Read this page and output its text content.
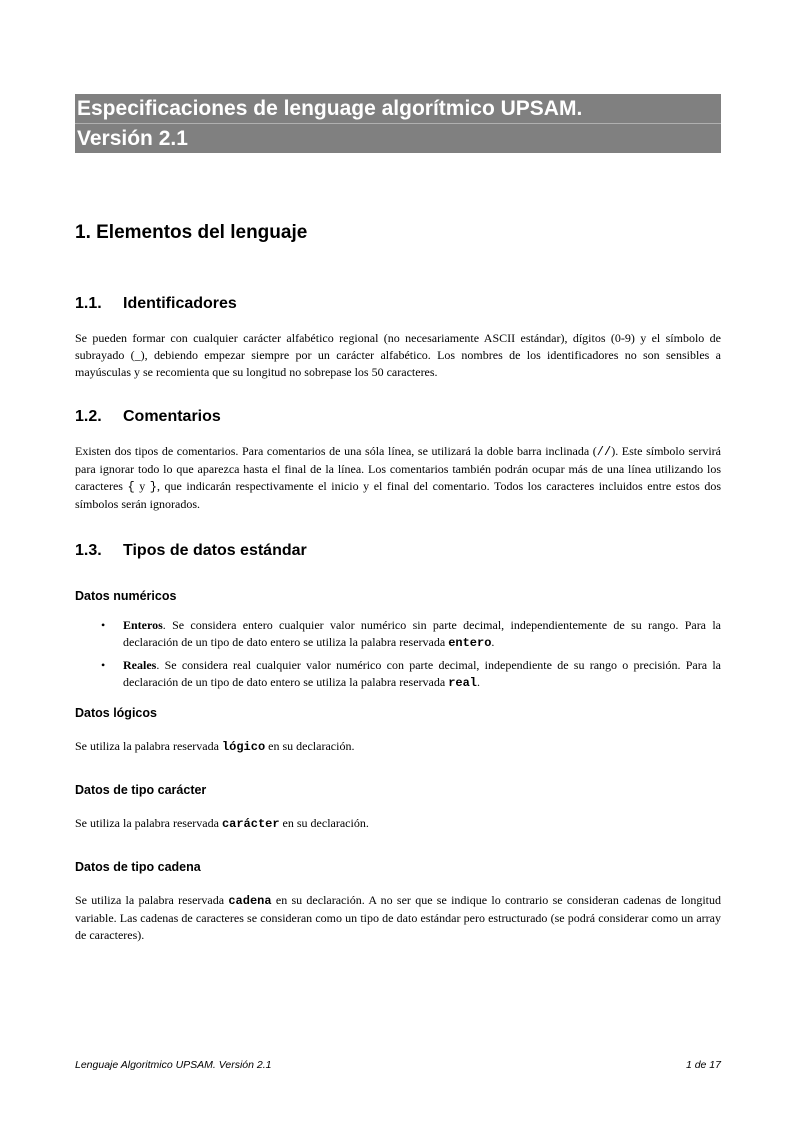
Especificaciones de lenguage algorítmico UPSAM.
Versión 2.1
1. Elementos del lenguaje
1.1.	Identificadores

Se pueden formar con cualquier carácter alfabético regional (no necesariamente ASCII estándar), dígitos (0-9) y el símbolo de subrayado (_), debiendo empezar siempre por un carácter alfabético. Los nombres de los identificadores no son sensibles a mayúsculas y se recomienta que su longitud no sobrepase los 50 caracteres.

1.2.	Comentarios

Existen dos tipos de comentarios. Para comentarios de una sóla línea, se utilizará la doble barra inclinada (//). Este símbolo servirá para ignorar todo lo que aparezca hasta el final de la línea. Los comentarios también podrán ocupar más de una línea utilizando los caracteres { y }, que indicarán respectivamente el inicio y el final del comentario. Todos los caracteres incluidos entre estos dos símbolos serán ignorados.

1.3.	Tipos de datos estándar
Datos numéricos
• Enteros. Se considera entero cualquier valor numérico sin parte decimal, independientemente de su rango. Para la declaración de un tipo de dato entero se utiliza la palabra reservada entero.
• Reales. Se considera real cualquier valor numérico con parte decimal, independiente de su rango o precisión. Para la declaración de un tipo de dato entero se utiliza la palabra reservada real.
Datos lógicos

Se utiliza la palabra reservada lógico en su declaración.

Datos de tipo carácter

Se utiliza la palabra reservada carácter en su declaración.

Datos de tipo cadena

Se utiliza la palabra reservada cadena en su declaración. A no ser que se indique lo contrario se consideran cadenas de longitud variable. Las cadenas de caracteres se consideran como un tipo de dato estándar pero estructurado (se podrá considerar como un array de caracteres).

Lenguaje Algoritmico UPSAM. Versión 2.1	1 de 17
